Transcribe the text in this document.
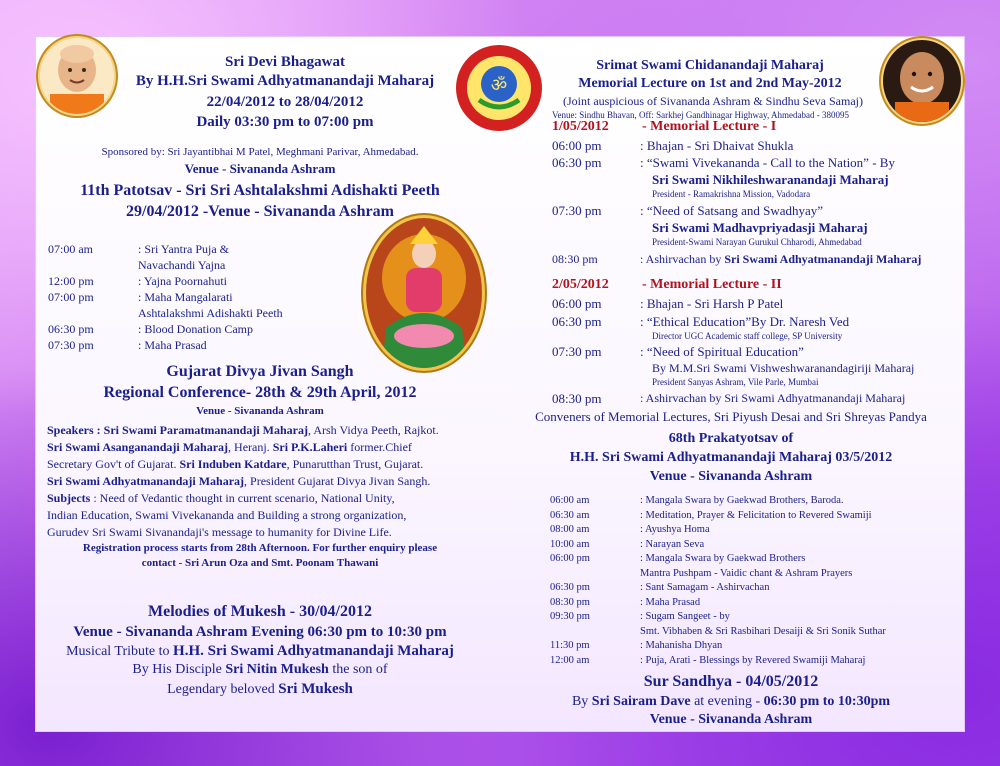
ॐ
Sri Devi Bhagawat
By H.H.Sri Swami Adhyatmanandaji Maharaj
22/04/2012 to 28/04/2012
Daily 03:30 pm to 07:00 pm
Sponsored by: Sri Jayantibhai M Patel, Meghmani Parivar, Ahmedabad.
Venue - Sivananda Ashram
11th Patotsav - Sri Sri Ashtalakshmi Adishakti Peeth
29/04/2012 -Venue - Sivananda Ashram
07:00 am	: Sri Yantra Puja &
Navachandi Yajna
12:00 pm	: Yajna Poornahuti
07:00 pm	: Maha Mangalarati
Ashtalakshmi Adishakti Peeth
06:30 pm	: Blood Donation Camp
07:30 pm	: Maha Prasad
Gujarat Divya Jivan Sangh
Regional Conference- 28th & 29th April, 2012
Venue - Sivananda Ashram
Speakers : Sri Swami Paramatmanandaji Maharaj, Arsh Vidya Peeth, Rajkot.
Sri Swami Asanganandaji Maharaj, Heranj. Sri P.K.Laheri former.Chief
Secretary Gov't of Gujarat. Sri Induben Katdare, Punarutthan Trust, Gujarat.
Sri Swami Adhyatmanandaji Maharaj, President Gujarat Divya Jivan Sangh.
Subjects : Need of Vedantic thought in current scenario, National Unity,
Indian Education, Swami Vivekananda and Building a strong organization,
Gurudev Sri Swami Sivanandaji's message to humanity for Divine Life.
Registration process starts from 28th Afternoon. For further enquiry please
contact - Sri Arun Oza and Smt. Poonam Thawani
Melodies of Mukesh - 30/04/2012
Venue - Sivananda Ashram Evening 06:30 pm to 10:30 pm
Musical Tribute to H.H. Sri Swami Adhyatmanandaji Maharaj
By His Disciple Sri Nitin Mukesh the son of
Legendary beloved Sri Mukesh
Srimat Swami Chidanandaji Maharaj
Memorial Lecture on 1st and 2nd May-2012
(Joint auspicious of Sivananda Ashram & Sindhu Seva Samaj)
Venue: Sindhu Bhavan, Off: Sarkhej Gandhinagar Highway, Ahmedabad - 380095
1/05/2012 - Memorial Lecture - I
06:00 pm	: Bhajan - Sri Dhaivat Shukla
06:30 pm	: “Swami Vivekananda - Call to the Nation” - By
Sri Swami Nikhileshwaranandaji Maharaj
President - Ramakrishna Mission, Vadodara
07:30 pm	: “Need of Satsang and Swadhyay”
Sri Swami Madhavpriyadasji Maharaj
President-Swami Narayan Gurukul Chharodi, Ahmedabad
08:30 pm	: Ashirvachan by Sri Swami Adhyatmanandaji Maharaj
2/05/2012 - Memorial Lecture - II
06:00 pm	: Bhajan - Sri Harsh P Patel
06:30 pm	: “Ethical Education”By Dr. Naresh Ved
Director UGC Academic staff college, SP University
07:30 pm	: “Need of Spiritual Education”
By M.M.Sri Swami Vishweshwaranandagiriji Maharaj
President Sanyas Ashram, Vile Parle, Mumbai
08:30 pm	: Ashirvachan by Sri Swami Adhyatmanandaji Maharaj
Conveners of Memorial Lectures, Sri Piyush Desai and Sri Shreyas Pandya
68th Prakatyotsav of
H.H. Sri Swami Adhyatmanandaji Maharaj 03/5/2012
Venue - Sivananda Ashram
06:00 am	: Mangala Swara by Gaekwad Brothers, Baroda.
06:30 am	: Meditation, Prayer & Felicitation to Revered Swamiji
08:00 am	: Ayushya Homa
10:00 am	: Narayan Seva
06:00 pm	: Mangala Swara by Gaekwad Brothers
Mantra Pushpam - Vaidic chant & Ashram Prayers
06:30 pm	: Sant Samagam - Ashirvachan
08:30 pm	: Maha Prasad
09:30 pm	: Sugam Sangeet - by
Smt. Vibhaben & Sri Rasbihari Desaiji & Sri Sonik Suthar
11:30 pm	: Mahanisha Dhyan
12:00 am	: Puja, Arati - Blessings by Revered Swamiji Maharaj
Sur Sandhya - 04/05/2012
By Sri Sairam Dave at evening - 06:30 pm to 10:30pm
Venue - Sivananda Ashram
